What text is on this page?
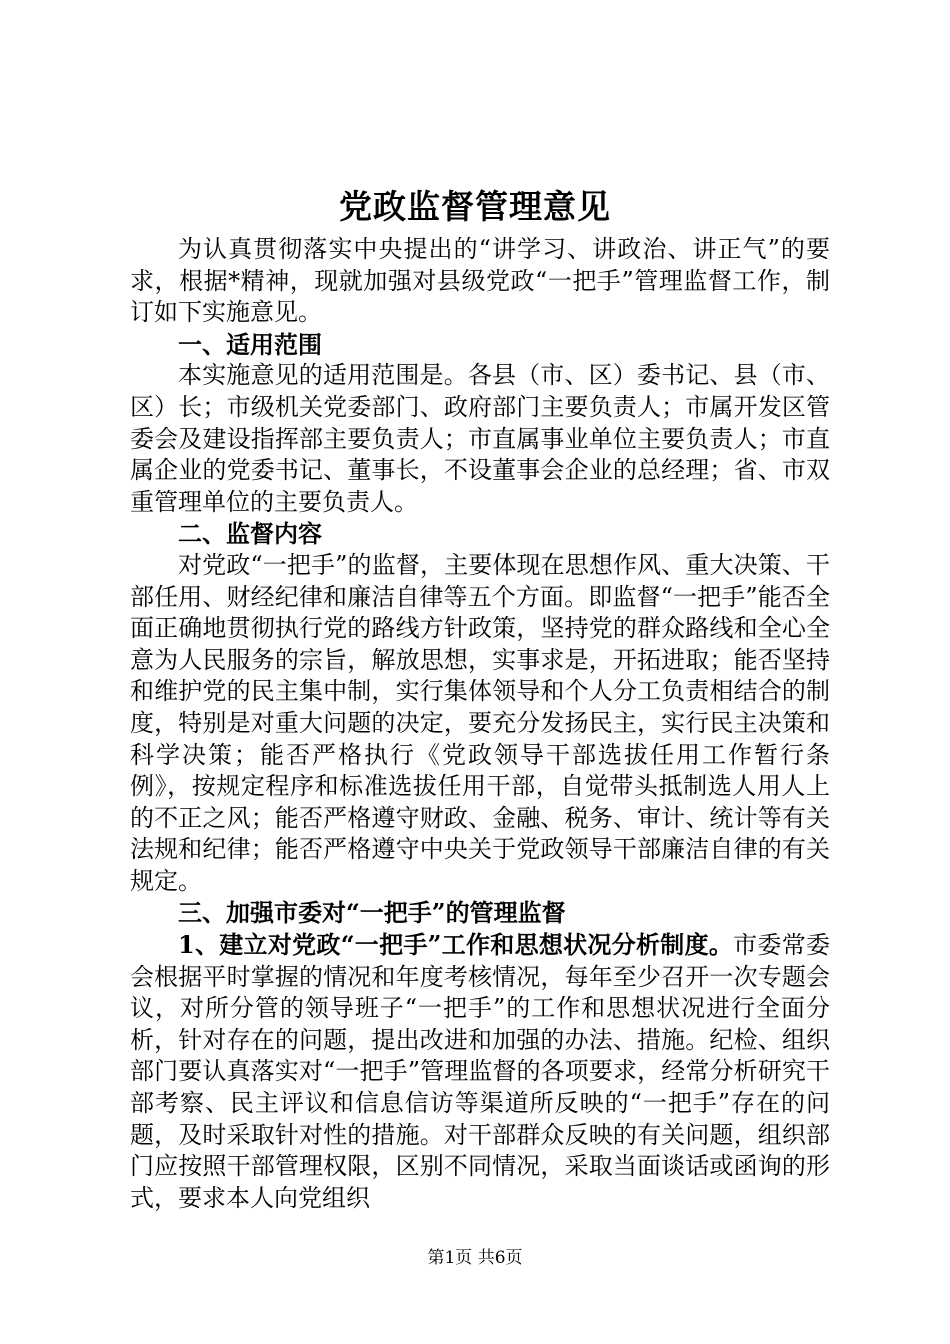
党政监督管理意见

为认真贯彻落实中央提出的“讲学习、讲政治、讲正气”的要求，根据*精神，现就加强对县级党政“一把手”管理监督工作，制订如下实施意见。

一、适用范围

本实施意见的适用范围是。各县（市、区）委书记、县（市、区）长；市级机关党委部门、政府部门主要负责人；市属开发区管委会及建设指挥部主要负责人；市直属事业单位主要负责人；市直属企业的党委书记、董事长，不设董事会企业的总经理；省、市双重管理单位的主要负责人。

二、监督内容

对党政“一把手”的监督，主要体现在思想作风、重大决策、干部任用、财经纪律和廉洁自律等五个方面。即监督“一把手”能否全面正确地贯彻执行党的路线方针政策，坚持党的群众路线和全心全意为人民服务的宗旨，解放思想，实事求是，开拓进取；能否坚持和维护党的民主集中制，实行集体领导和个人分工负责相结合的制度，特别是对重大问题的决定，要充分发扬民主，实行民主决策和科学决策；能否严格执行《党政领导干部选拔任用工作暂行条例》，按规定程序和标准选拔任用干部，自觉带头抵制选人用人上的不正之风；能否严格遵守财政、金融、税务、审计、统计等有关法规和纪律；能否严格遵守中央关于党政领导干部廉洁自律的有关规定。

三、加强市委对“一把手”的管理监督

1、建立对党政“一把手”工作和思想状况分析制度。市委常委会根据平时掌握的情况和年度考核情况，每年至少召开一次专题会议，对所分管的领导班子“一把手”的工作和思想状况进行全面分析，针对存在的问题，提出改进和加强的办法、措施。纪检、组织部门要认真落实对“一把手”管理监督的各项要求，经常分析研究干部考察、民主评议和信息信访等渠道所反映的“一把手”存在的问题，及时采取针对性的措施。对干部群众反映的有关问题，组织部门应按照干部管理权限，区别不同情况，采取当面谈话或函询的形式，要求本人向党组织

第1页 共6页
